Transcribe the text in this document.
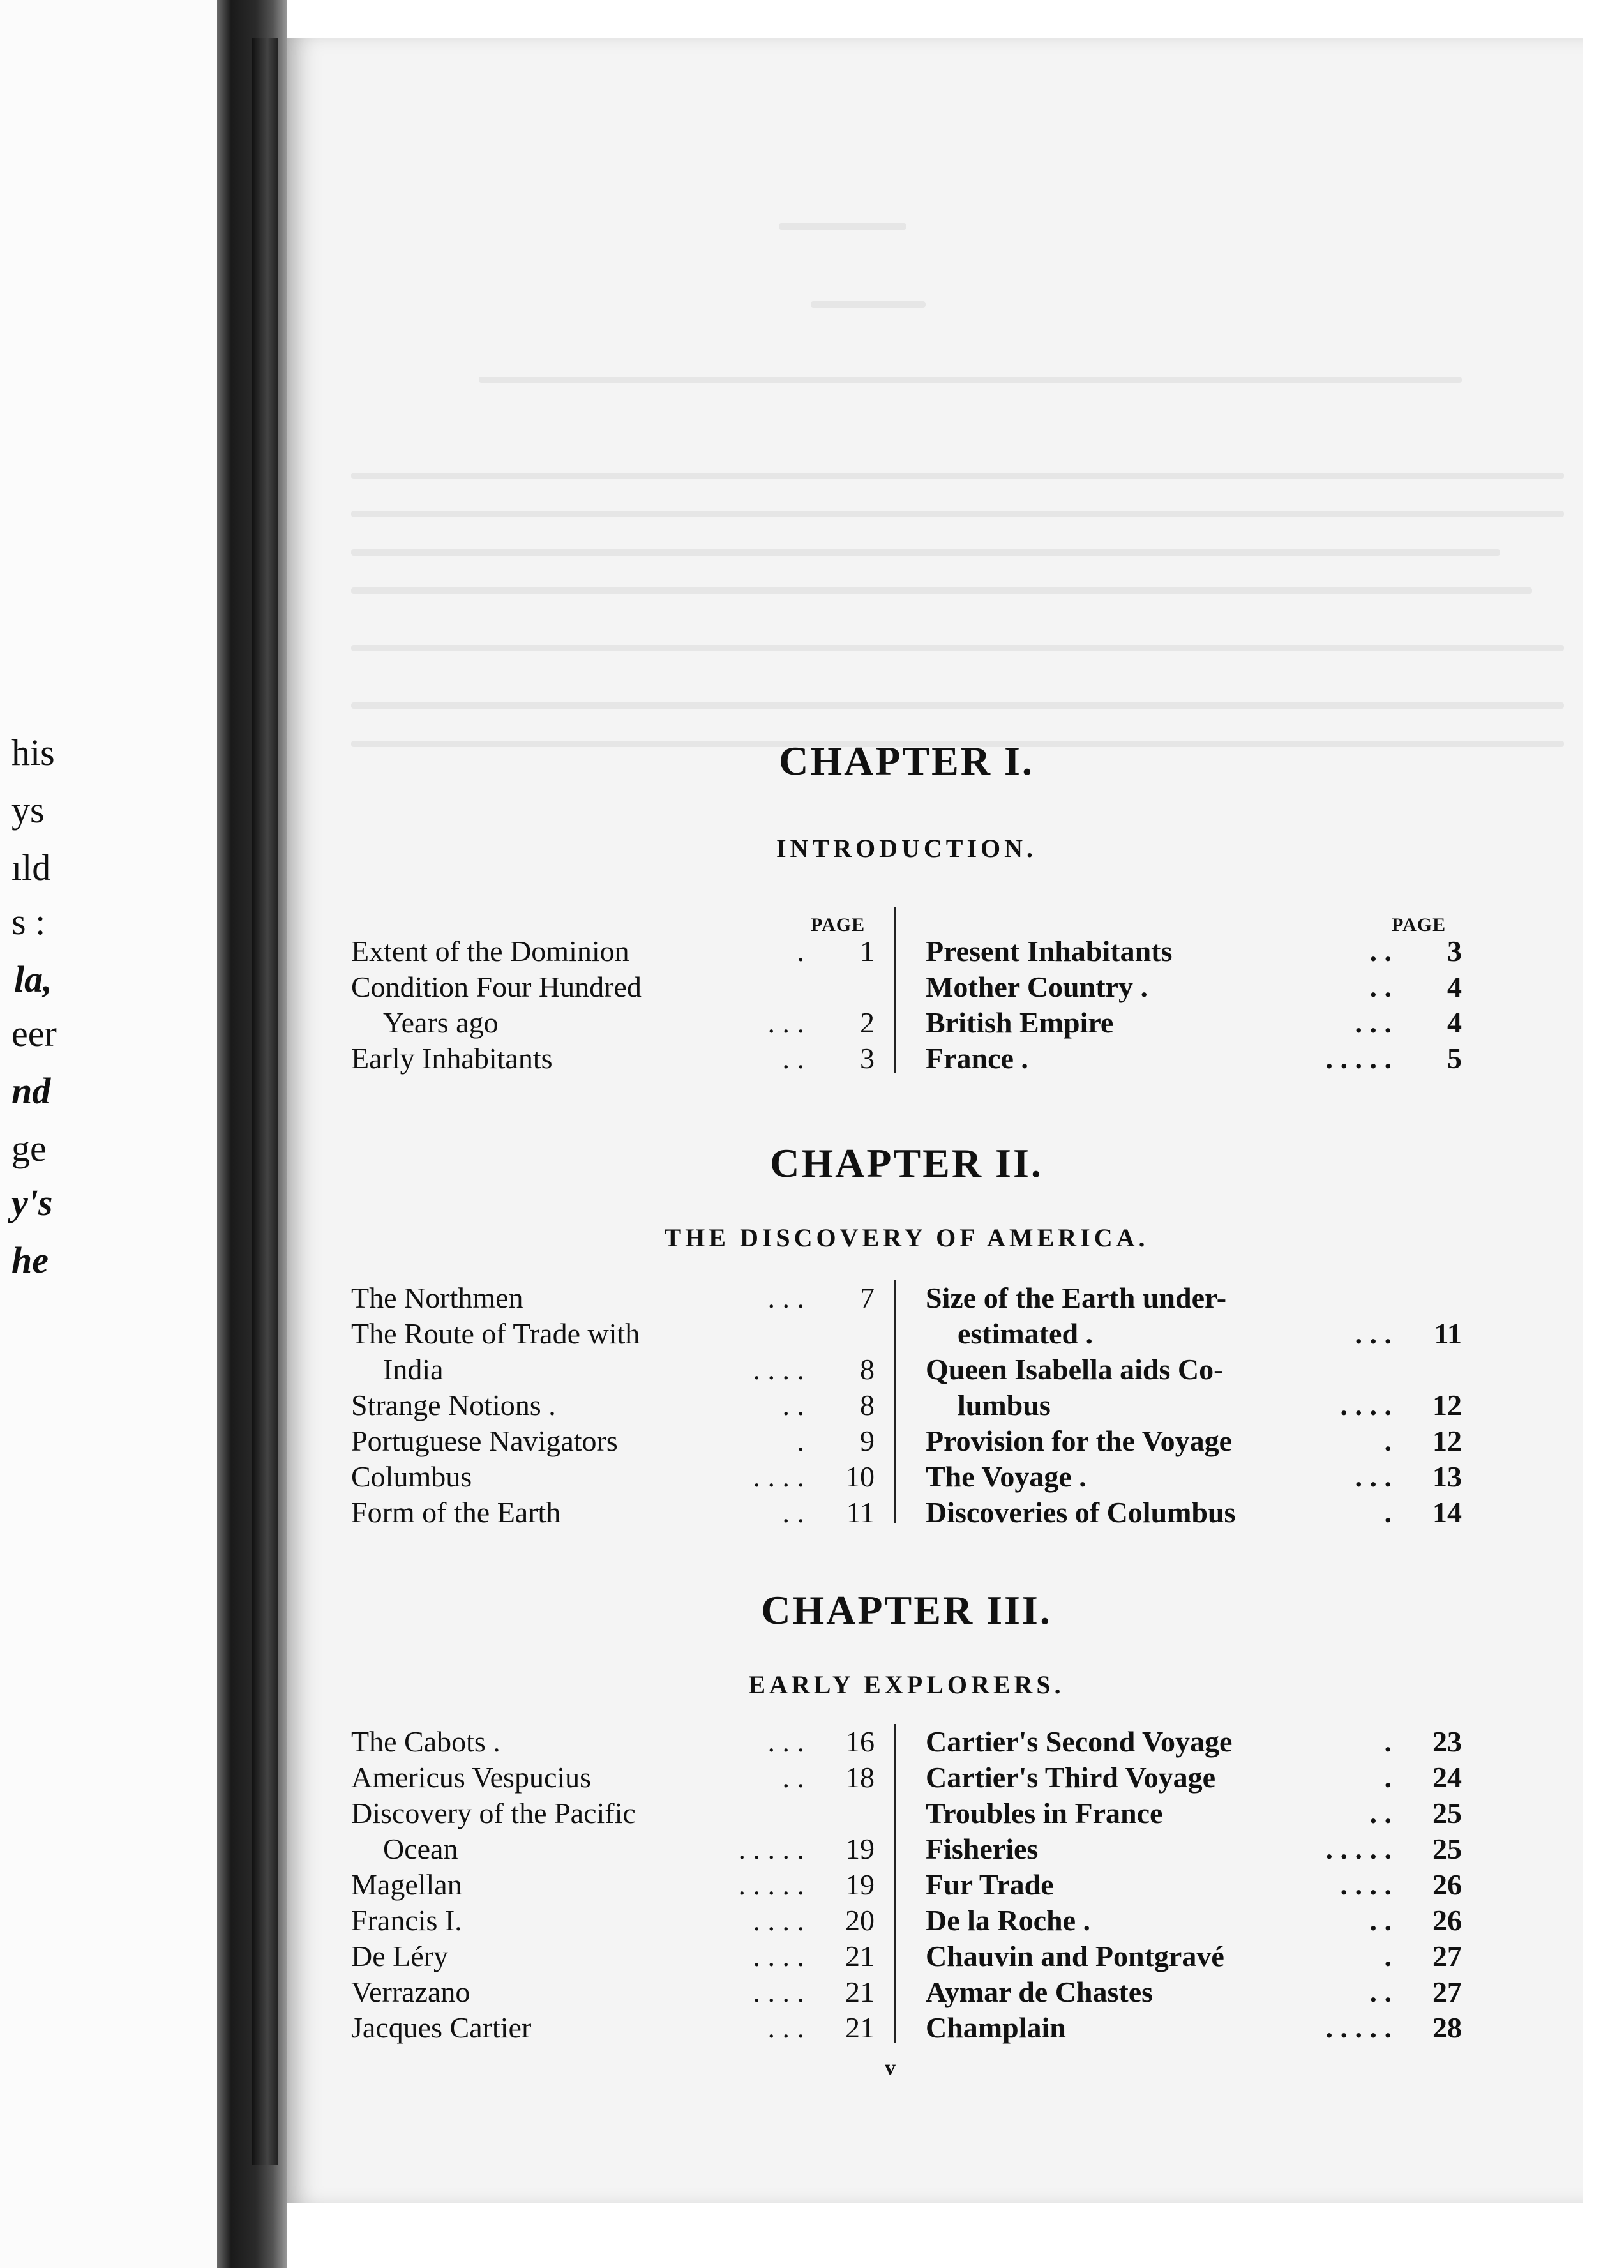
his
ys
ıld
s :
la,
eer
nd
ge
y's
he
CHAPTER I.
INTRODUCTION.
PAGE	PAGE
Extent of the Dominion	.	1
Condition Four Hundred
Years ago	. . .	2
Early Inhabitants	. .	3
Present Inhabitants	. .	3
Mother Country .	. .	4
British Empire	. . .	4
France .	. . . . .	5
CHAPTER II.
THE DISCOVERY OF AMERICA.
The Northmen	. . .	7
The Route of Trade with
India	. . . .	8
Strange Notions .	. .	8
Portuguese Navigators	.	9
Columbus	. . . .	10
Form of the Earth	. .	11
Size of the Earth under-
estimated .	. . .	11
Queen Isabella aids Co-
lumbus	. . . .	12
Provision for the Voyage	.	12
The Voyage .	. . .	13
Discoveries of Columbus	.	14
CHAPTER III.
EARLY EXPLORERS.
The Cabots .	. . .	16
Americus Vespucius	. .	18
Discovery of the Pacific
Ocean	. . . . .	19
Magellan	. . . . .	19
Francis I.	. . . .	20
De Léry	. . . .	21
Verrazano	. . . .	21
Jacques Cartier	. . .	21
Cartier's Second Voyage	.	23
Cartier's Third Voyage	.	24
Troubles in France	. .	25
Fisheries	. . . . .	25
Fur Trade	. . . .	26
De la Roche .	. .	26
Chauvin and Pontgravé	.	27
Aymar de Chastes	. .	27
Champlain	. . . . .	28
v
